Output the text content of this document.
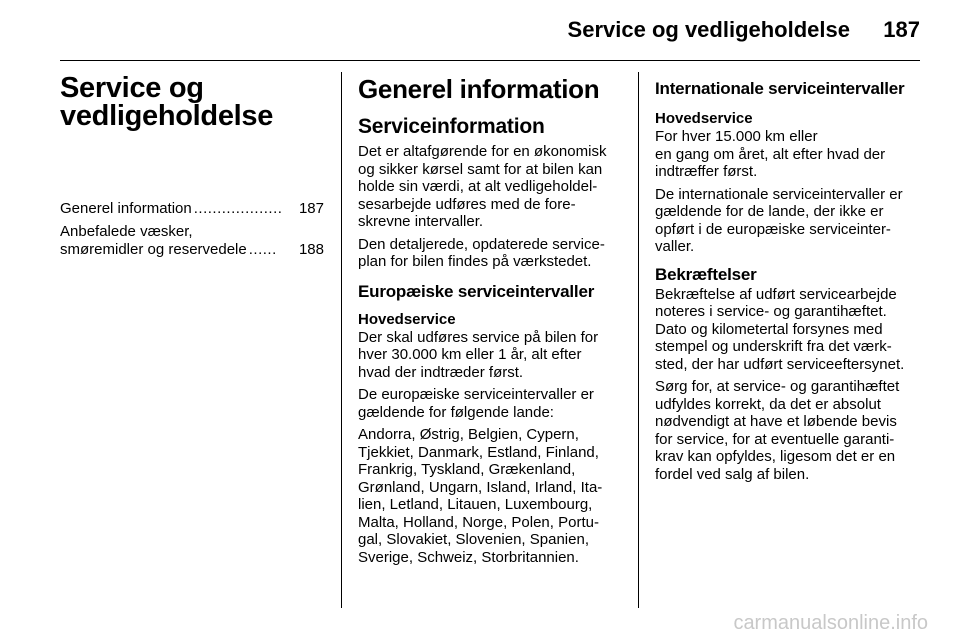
Service og vedligeholdelse	187
Service og
vedligeholdelse
Generel information ...................	187
Anbefalede væsker,
smøremidler og reservedele ......	188
Generel information
Serviceinformation
Det er altafgørende for en økonomisk
og sikker kørsel samt for at bilen kan
holde sin værdi, at alt vedligeholdel-
sesarbejde udføres med de fore-
skrevne intervaller.
Den detaljerede, opdaterede service-
plan for bilen findes på værkstedet.
Europæiske serviceintervaller
Hovedservice
Der skal udføres service på bilen for
hver 30.000 km eller 1 år, alt efter
hvad der indtræder først.
De europæiske serviceintervaller er
gældende for følgende lande:
Andorra, Østrig, Belgien, Cypern,
Tjekkiet, Danmark, Estland, Finland,
Frankrig, Tyskland, Grækenland,
Grønland, Ungarn, Island, Irland, Ita-
lien, Letland, Litauen, Luxembourg,
Malta, Holland, Norge, Polen, Portu-
gal, Slovakiet, Slovenien, Spanien,
Sverige, Schweiz, Storbritannien.
Internationale serviceintervaller
Hovedservice
For hver 15.000 km eller
en gang om året, alt efter hvad der
indtræffer først.
De internationale serviceintervaller er
gældende for de lande, der ikke er
opført i de europæiske serviceinter-
valler.
Bekræftelser
Bekræftelse af udført servicearbejde
noteres i service- og garantihæftet.
Dato og kilometertal forsynes med
stempel og underskrift fra det værk-
sted, der har udført serviceeftersynet.
Sørg for, at service- og garantihæftet
udfyldes korrekt, da det er absolut
nødvendigt at have et løbende bevis
for service, for at eventuelle garanti-
krav kan opfyldes, ligesom det er en
fordel ved salg af bilen.
carmanualsonline.info
